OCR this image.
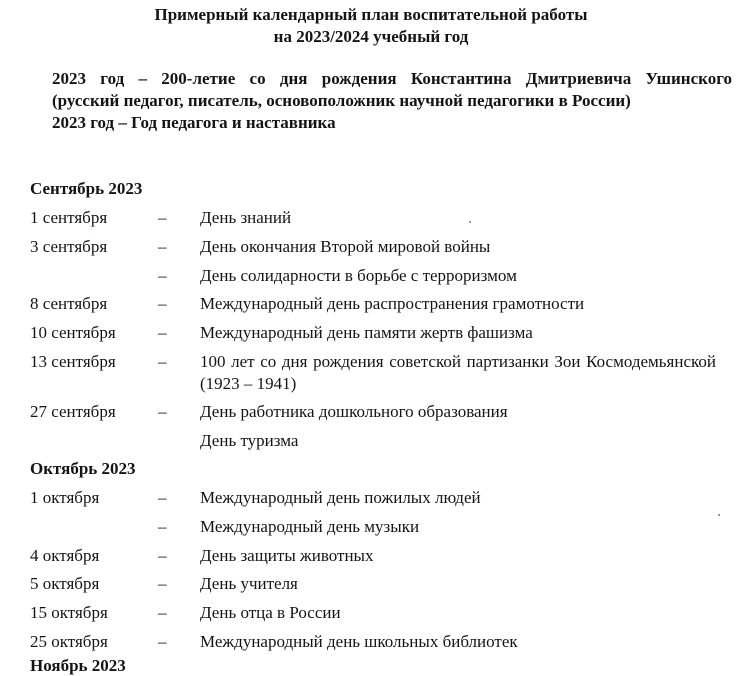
Примерный календарный план воспитательной работы
на 2023/2024 учебный год
2023 год – 200-летие со дня рождения Константина Дмитриевича Ушинского
(русский педагог, писатель, основоположник научной педагогики в России)
2023 год – Год педагога и наставника
Сентябрь 2023
1 сентября	– День знаний
3 сентября	– День окончания Второй мировой войны
– День солидарности в борьбе с терроризмом
8 сентября	– Международный день распространения грамотности
10 сентября – Международный день памяти жертв фашизма
13 сентября – 100 лет со дня рождения советской партизанки Зои Космодемьянской (1923 – 1941)
27 сентября – День работника дошкольного образования
День туризма
Октябрь 2023
1 октября	– Международный день пожилых людей
– Международный день музыки
4 октября	– День защиты животных
5 октября	– День учителя
15 октября	– День отца в России
25 октября	– Международный день школьных библиотек
Ноябрь 2023
